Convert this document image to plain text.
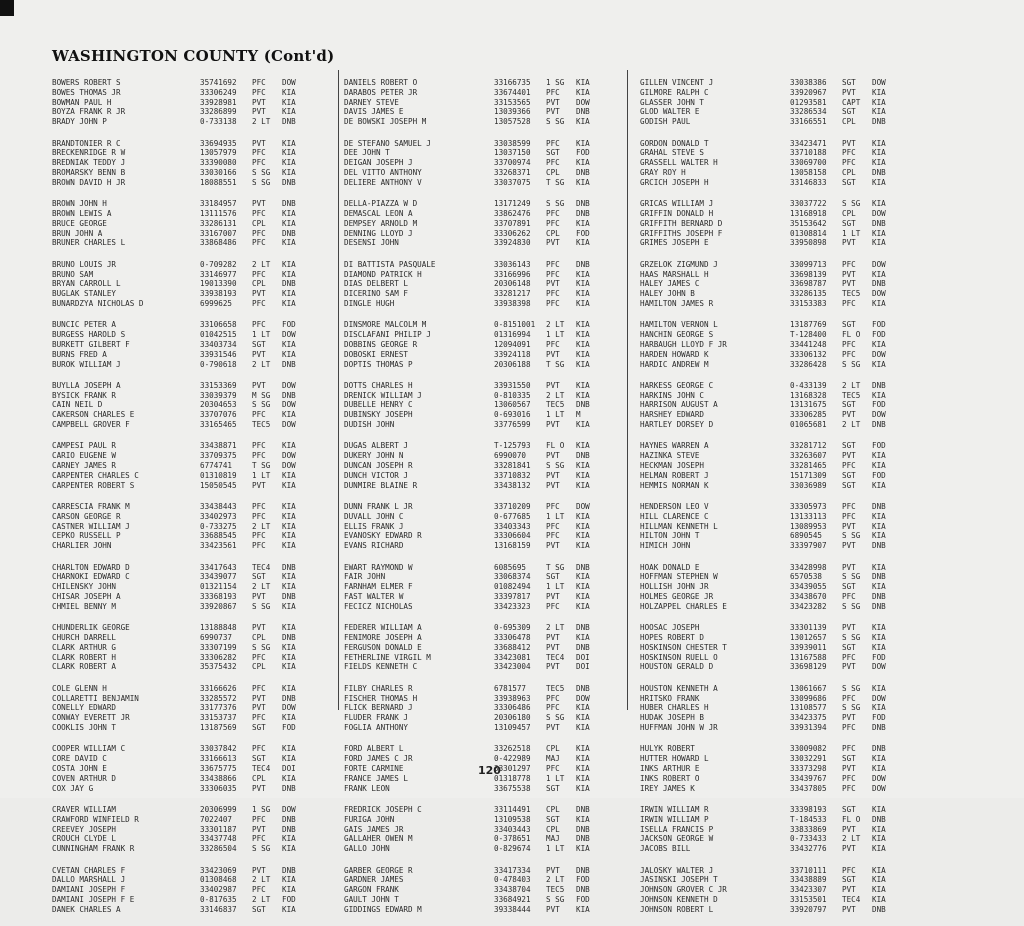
WASHINGTON COUNTY (Cont'd)
BOWERS ROBERT S	35741692	PFC	DOW
BOWES THOMAS JR	33306249	PFC	KIA
BOWMAN PAUL H	33928981	PVT	KIA
BOYZA FRANK R JR	33286899	PVT	KIA
BRADY JOHN P	0-733138	2 LT	DNB
BRANDTONIER R C	33694935	PVT	KIA
BRECKENRIDGE R W	13057979	PFC	KIA
BREDNIAK TEDDY J	33390080	PFC	KIA
BROMARSKY BENN B	33030166	S SG	KIA
BROWN DAVID H JR	18088551	S SG	DNB
BROWN JOHN H	33184957	PVT	DNB
BROWN LEWIS A	13111576	PFC	KIA
BRUCE GEORGE	33286131	CPL	KIA
BRUN JOHN A	33167007	PFC	DNB
BRUNER CHARLES L	33868486	PFC	KIA
BRUNO LOUIS JR	0-709282	2 LT	KIA
BRUNO SAM	33146977	PFC	KIA
BRYAN CARROLL L	19013390	CPL	DNB
BUGLAK STANLEY	33938193	PVT	KIA
BUNARDZYA NICHOLAS D	6999625	PFC	KIA
BUNCIC PETER A	33106658	PFC	FOD
BURGESS HAROLD S	01042515	1 LT	DOW
BURKETT GILBERT F	33403734	SGT	KIA
BURNS FRED A	33931546	PVT	KIA
BUROK WILLIAM J	0-790618	2 LT	DNB
BUYLLA JOSEPH A	33153369	PVT	DOW
BYSICK FRANK R	33039379	M SG	DNB
CAIN NEIL D	20304653	S SG	DOW
CAKERSON CHARLES E	33707076	PFC	KIA
CAMPBELL GROVER F	33165465	TEC5	DOW
CAMPESI PAUL R	33438871	PFC	KIA
CARIO EUGENE W	33709375	PFC	DOW
CARNEY JAMES R	6774741	T SG	DOW
CARPENTER CHARLES C	01310819	1 LT	KIA
CARPENTER ROBERT S	15050545	PVT	KIA
CARRESCIA FRANK M	33438443	PFC	KIA
CARSON GEORGE R	33402973	PFC	KIA
CASTNER WILLIAM J	0-733275	2 LT	KIA
CEPKO RUSSELL P	33688545	PFC	KIA
CHARLIER JOHN	33423561	PFC	KIA
CHARLTON EDWARD D	33417643	TEC4	DNB
CHARNOKI EDWARD C	33439077	SGT	KIA
CHILENSKY JOHN	01321154	2 LT	KIA
CHISAR JOSEPH A	33368193	PVT	DNB
CHMIEL BENNY M	33920867	S SG	KIA
CHUNDERLIK GEORGE	13188848	PVT	KIA
CHURCH DARRELL	6990737	CPL	DNB
CLARK ARTHUR G	33307199	S SG	KIA
CLARK ROBERT H	33306282	PFC	KIA
CLARK ROBERT A	35375432	CPL	KIA
COLE GLENN H	33166626	PFC	KIA
COLLARETTI BENJAMIN	33285572	PVT	DNB
CONELLY EDWARD	33177376	PVT	DOW
CONWAY EVERETT JR	33153737	PFC	KIA
COOKLIS JOHN T	13187569	SGT	FOD
COOPER WILLIAM C	33037842	PFC	KIA
CORE DAVID C	33166613	SGT	KIA
COSTA JOHN E	33675775	TEC4	DOI
COVEN ARTHUR D	33438866	CPL	KIA
COX JAY G	33306035	PVT	DNB
CRAVER WILLIAM	20306999	1 SG	DOW
CRAWFORD WINFIELD R	7022407	PFC	DNB
CREEVEY JOSEPH	33301187	PVT	DNB
CROUCH CLYDE L	33437748	PFC	KIA
CUNNINGHAM FRANK R	33286504	S SG	KIA
CVETAN CHARLES F	33423069	PVT	DNB
DALLO MARSHALL J	01308468	2 LT	KIA
DAMIANI JOSEPH F	33402987	PFC	KIA
DAMIANI JOSEPH F E	0-817635	2 LT	FOD
DANEK CHARLES A	33146837	SGT	KIA
DANIELS ROBERT O	33166735	1 SG	KIA
DARABOS PETER JR	33674401	PFC	KIA
DARNEY STEVE	33153565	PVT	DOW
DAVIS JAMES E	13039366	PVT	DNB
DE BOWSKI JOSEPH M	13057528	S SG	KIA
DE STEFANO SAMUEL J	33038599	PFC	KIA
DEE JOHN T	13037150	SGT	FOD
DEIGAN JOSEPH J	33700974	PFC	KIA
DEL VITTO ANTHONY	33268371	CPL	DNB
DELIERE ANTHONY V	33037075	T SG	KIA
DELLA-PIAZZA W D	13171249	S SG	DNB
DEMASCAL LEON A	33862476	PFC	DNB
DEMPSEY ARNOLD M	33707891	PFC	KIA
DENNING LLOYD J	33306262	CPL	FOD
DESENSI JOHN	33924830	PVT	KIA
DI BATTISTA PASQUALE	33036143	PFC	DNB
DIAMOND PATRICK H	33166996	PFC	KIA
DIAS DELBERT L	20306148	PVT	KIA
DICERINO SAM F	33281217	PFC	KIA
DINGLE HUGH	33938398	PFC	KIA
DINSMORE MALCOLM M	0-8151001	2 LT	KIA
DISCLAFANI PHILIP J	01316994	1 LT	KIA
DOBBINS GEORGE R	12094091	PFC	KIA
DOBOSKI ERNEST	33924118	PVT	KIA
DOPTIS THOMAS P	20306188	T SG	KIA
DOTTS CHARLES H	33931550	PVT	KIA
DRENICK WILLIAM J	0-810335	2 LT	KIA
DUBELLE HENRY C	13060567	TEC5	DNB
DUBINSKY JOSEPH	0-693016	1 LT	M
DUDISH JOHN	33776599	PVT	KIA
DUGAS ALBERT J	T-125793	FL O	KIA
DUKERY JOHN N	6990070	PVT	DNB
DUNCAN JOSEPH R	33281841	S SG	KIA
DUNCH VICTOR J	33710832	PVT	KIA
DUNMIRE BLAINE R	33438132	PVT	KIA
DUNN FRANK L JR	33710209	PFC	DOW
DUVALL JOHN C	0-677685	1 LT	KIA
ELLIS FRANK J	33403343	PFC	KIA
EVANOSKY EDWARD R	33306604	PFC	KIA
EVANS RICHARD	13168159	PVT	KIA
EWART RAYMOND W	6085695	T SG	DNB
FAIR JOHN	33068374	SGT	KIA
FARNHAM ELMER F	01082494	1 LT	KIA
FAST WALTER W	33397817	PVT	KIA
FECICZ NICHOLAS	33423323	PFC	KIA
FEDERER WILLIAM A	0-695309	2 LT	DNB
FENIMORE JOSEPH A	33306478	PVT	KIA
FERGUSON DONALD E	33688412	PVT	DNB
FETHERLINE VIRGIL M	33423081	TEC4	DOI
FIELDS KENNETH C	33423004	PVT	DOI
FILBY CHARLES R	6781577	TEC5	DNB
FISCHER THOMAS H	33938963	PFC	DOW
FLICK BERNARD J	33306486	PFC	KIA
FLUDER FRANK J	20306180	S SG	KIA
FOGLIA ANTHONY	13109457	PVT	KIA
FORD ALBERT L	33262518	CPL	KIA
FORD JAMES C JR	0-422989	MAJ	KIA
FORTE CARMINE	33301297	PFC	KIA
FRANCE JAMES L	01318778	1 LT	KIA
FRANK LEON	33675538	SGT	KIA
FREDRICK JOSEPH C	33114491	CPL	DNB
FURIGA JOHN	13109538	SGT	KIA
GAIS JAMES JR	33403443	CPL	DNB
GALLAHER OWEN M	0-378651	MAJ	DNB
GALLO JOHN	0-829674	1 LT	KIA
GARBER GEORGE R	33417334	PVT	DNB
GARDNER JAMES	0-478403	2 LT	FOD
GARGON FRANK	33438704	TEC5	DNB
GAULT JOHN T	33684921	S SG	FOD
GIDDINGS EDWARD M	39338444	PVT	KIA
GILLEN VINCENT J	33038386	SGT	DOW
GILMORE RALPH C	33920967	PVT	KIA
GLASSER JOHN T	01293581	CAPT	KIA
GLOD WALTER E	33286534	SGT	KIA
GODISH PAUL	33166551	CPL	DNB
GORDON DONALD T	33423471	PVT	KIA
GRAHAL STEVE S	33710188	PFC	KIA
GRASSELL WALTER H	33069700	PFC	KIA
GRAY ROY H	13058158	CPL	DNB
GRCICH JOSEPH H	33146833	SGT	KIA
GRICAS WILLIAM J	33037722	S SG	KIA
GRIFFIN DONALD H	13168918	CPL	DOW
GRIFFITH BERNARD D	35153642	SGT	DNB
GRIFFITHS JOSEPH F	01308814	1 LT	KIA
GRIMES JOSEPH E	33950898	PVT	KIA
GRZELOK ZIGMUND J	33099713	PFC	DOW
HAAS MARSHALL H	33698139	PVT	KIA
HALEY JAMES C	33698787	PVT	DNB
HALEY JOHN B	33286135	TEC5	DOW
HAMILTON JAMES R	33153383	PFC	KIA
HAMILTON VERNON L	13187769	SGT	FOD
HANCHIN GEORGE S	T-128400	FL O	FOD
HARBAUGH LLOYD F JR	33441248	PFC	KIA
HARDEN HOWARD K	33306132	PFC	DOW
HARDIC ANDREW M	33286428	S SG	KIA
HARKESS GEORGE C	0-433139	2 LT	DNB
HARKINS JOHN C	13168328	TEC5	KIA
HARRISON AUGUST A	13131675	SGT	FOD
HARSHEY EDWARD	33306285	PVT	DOW
HARTLEY DORSEY D	01065681	2 LT	DNB
HAYNES WARREN A	33281712	SGT	FOD
HAZINKA STEVE	33263607	PVT	KIA
HECKMAN JOSEPH	33281465	PFC	KIA
HELMAN ROBERT J	15171309	SGT	FOD
HEMMIS NORMAN K	33036989	SGT	KIA
HENDERSON LEO V	33305973	PFC	DNB
HILL CLARENCE C	13133113	PFC	KIA
HILLMAN KENNETH L	13089953	PVT	KIA
HILTON JOHN T	6890545	S SG	KIA
HIMICH JOHN	33397907	PVT	DNB
HOAK DONALD E	33428998	PVT	KIA
HOFFMAN STEPHEN W	6570538	S SG	DNB
HOLLISH JOHN JR	33439055	SGT	KIA
HOLMES GEORGE JR	33438670	PFC	DNB
HOLZAPPEL CHARLES E	33423282	S SG	DNB
HOOSAC JOSEPH	33301139	PVT	KIA
HOPES ROBERT D	13012657	S SG	KIA
HOSKINSON CHESTER T	33939011	SGT	KIA
HOSKINSON RUELL O	13167588	PFC	FOD
HOUSTON GERALD D	33698129	PVT	DOW
HOUSTON KENNETH A	13061667	S SG	KIA
HRITSKO FRANK	33099686	PFC	DOW
HUBER CHARLES H	13108577	S SG	KIA
HUDAK JOSEPH B	33423375	PVT	FOD
HUFFMAN JOHN W JR	33931394	PFC	DNB
HULYK ROBERT	33009082	PFC	DNB
HUTTER HOWARD L	33032291	SGT	KIA
INKS ARTHUR E	33373298	PVT	KIA
INKS ROBERT O	33439767	PFC	DOW
IREY JAMES K	33437805	PFC	DOW
IRWIN WILLIAM R	33398193	SGT	KIA
IRWIN WILLIAM P	T-184533	FL O	DNB
ISELLA FRANCIS P	33833869	PVT	KIA
JACKSON GEORGE W	0-733433	2 LT	KIA
JACOBS BILL	33432776	PVT	KIA
JALOSKY WALTER J	33710111	PFC	KIA
JASINSKI JOSEPH T	33438889	SGT	KIA
JOHNSON GROVER C JR	33423307	PVT	KIA
JOHNSON KENNETH D	33153501	TEC4	KIA
JOHNSON ROBERT L	33920797	PVT	DNB
120
